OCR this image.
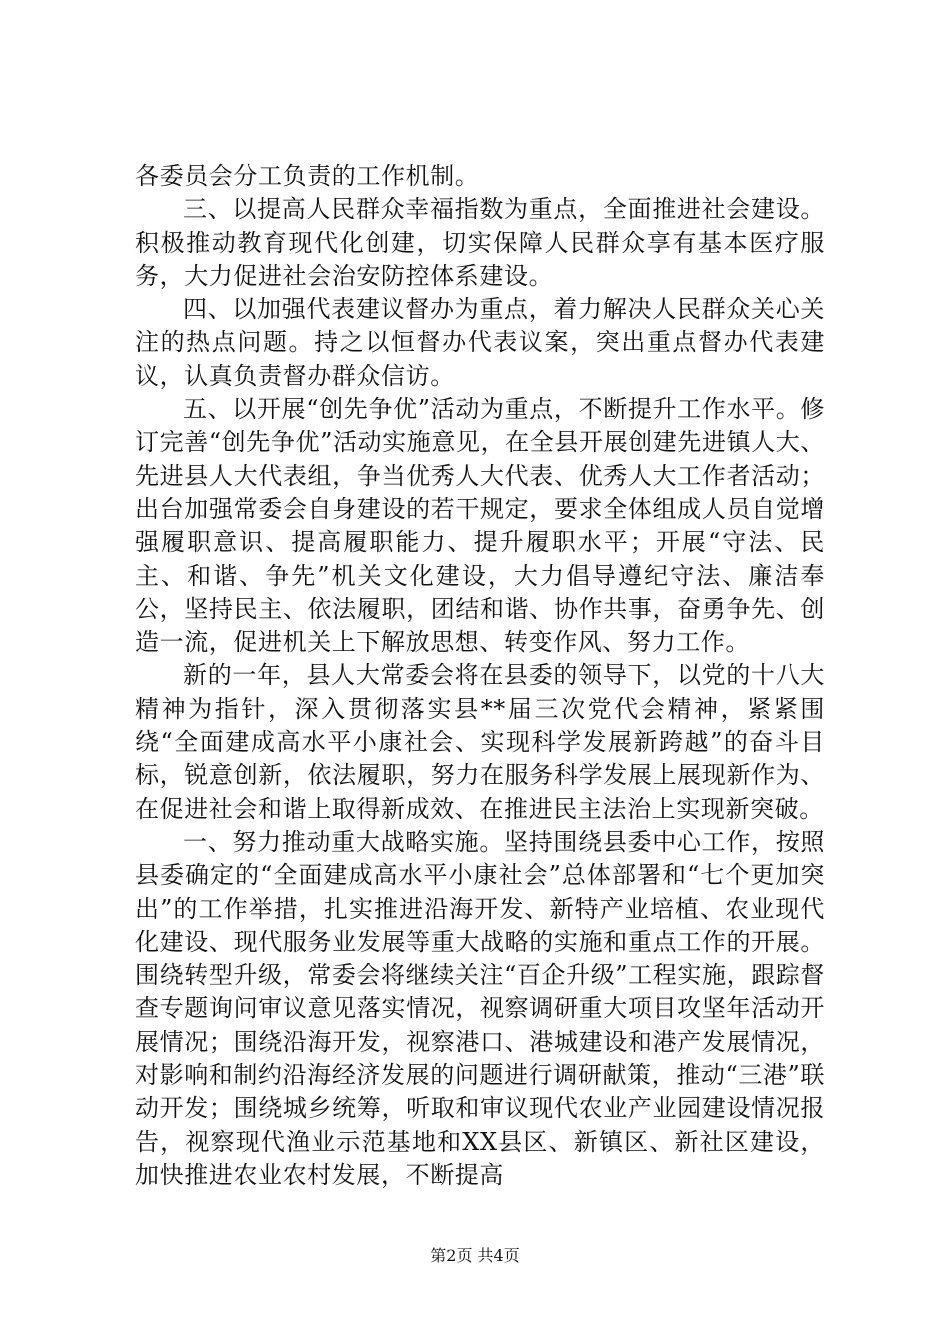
各委员会分工负责的工作机制。

三、以提高人民群众幸福指数为重点，全面推进社会建设。积极推动教育现代化创建，切实保障人民群众享有基本医疗服务，大力促进社会治安防控体系建设。

四、以加强代表建议督办为重点，着力解决人民群众关心关注的热点问题。持之以恒督办代表议案，突出重点督办代表建议，认真负责督办群众信访。

五、以开展“创先争优”活动为重点，不断提升工作水平。修订完善“创先争优”活动实施意见，在全县开展创建先进镇人大、先进县人大代表组，争当优秀人大代表、优秀人大工作者活动；出台加强常委会自身建设的若干规定，要求全体组成人员自觉增强履职意识、提高履职能力、提升履职水平；开展“守法、民主、和谐、争先”机关文化建设，大力倡导遵纪守法、廉洁奉公，坚持民主、依法履职，团结和谐、协作共事，奋勇争先、创造一流，促进机关上下解放思想、转变作风、努力工作。

新的一年，县人大常委会将在县委的领导下，以党的十八大精神为指针，深入贯彻落实县**届三次党代会精神，紧紧围绕“全面建成高水平小康社会、实现科学发展新跨越”的奋斗目标，锐意创新，依法履职，努力在服务科学发展上展现新作为、在促进社会和谐上取得新成效、在推进民主法治上实现新突破。

一、努力推动重大战略实施。坚持围绕县委中心工作，按照县委确定的“全面建成高水平小康社会”总体部署和“七个更加突出”的工作举措，扎实推进沿海开发、新特产业培植、农业现代化建设、现代服务业发展等重大战略的实施和重点工作的开展。围绕转型升级，常委会将继续关注“百企升级”工程实施，跟踪督查专题询问审议意见落实情况，视察调研重大项目攻坚年活动开展情况；围绕沿海开发，视察港口、港城建设和港产发展情况，对影响和制约沿海经济发展的问题进行调研献策，推动“三港”联动开发；围绕城乡统筹，听取和审议现代农业产业园建设情况报告，视察现代渔业示范基地和XX县区、新镇区、新社区建设，加快推进农业农村发展，不断提高

第2页 共4页
